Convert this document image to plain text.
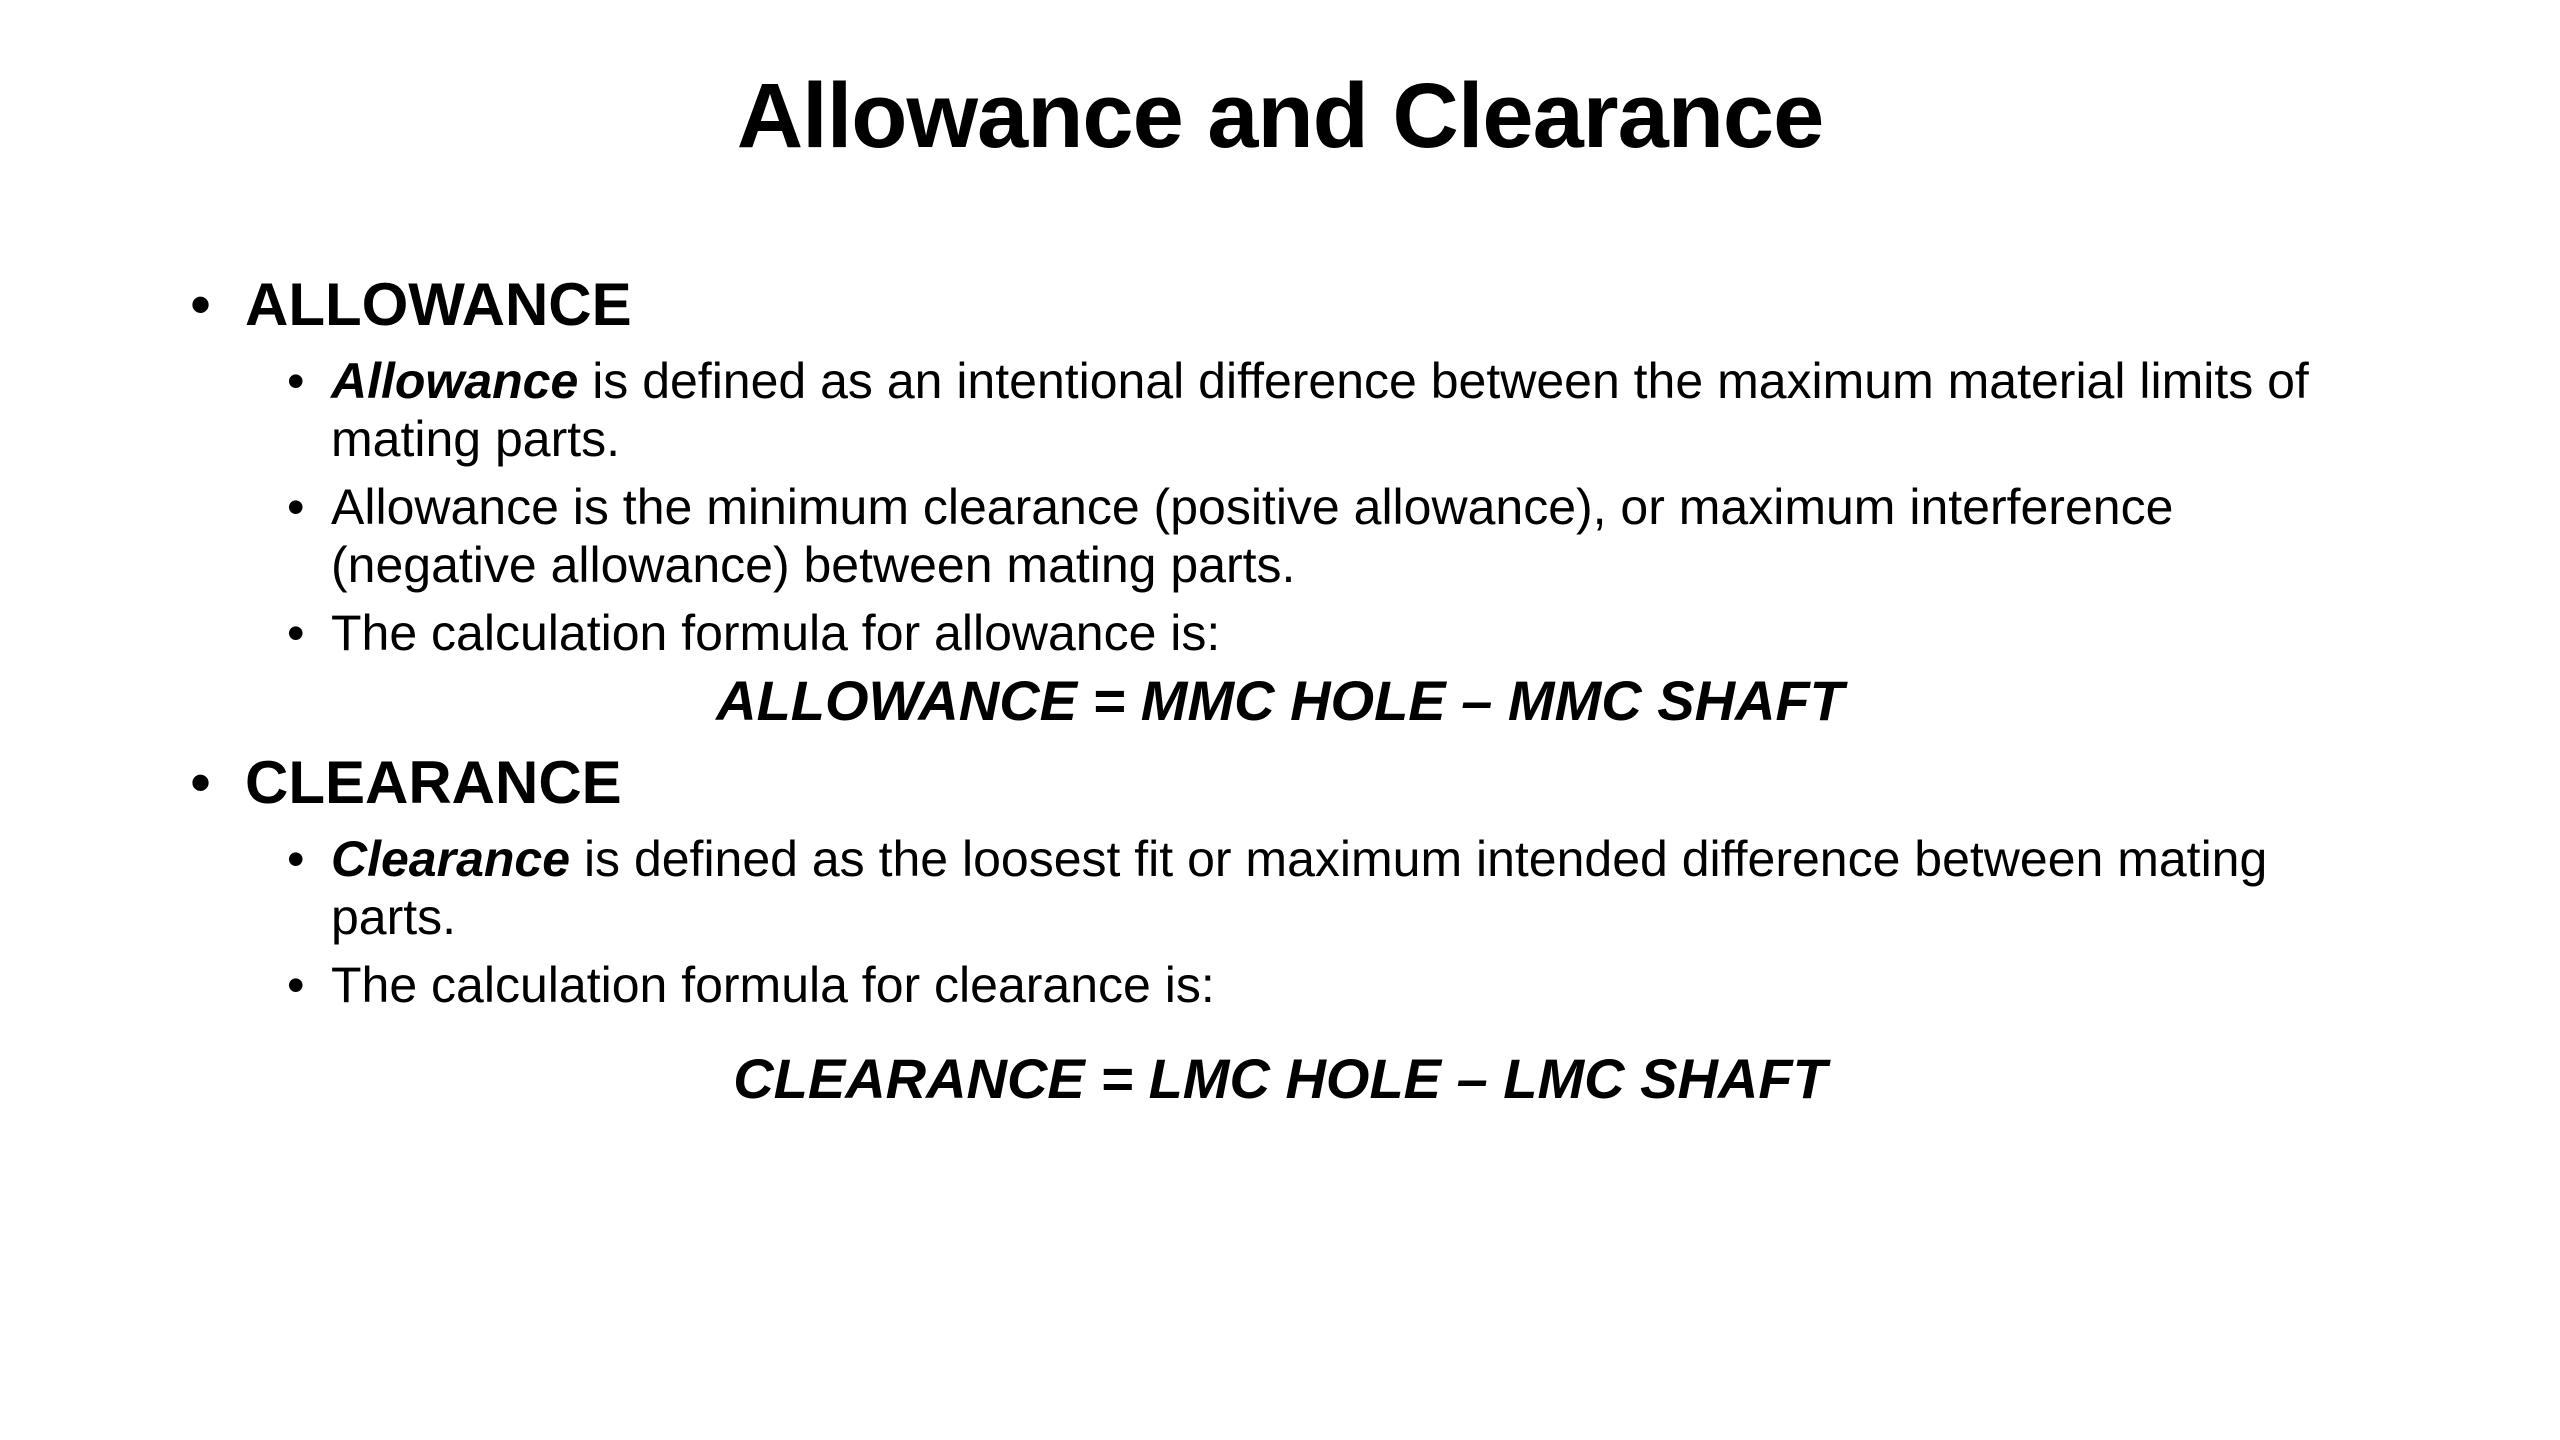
Allowance and Clearance
• ALLOWANCE
• Allowance is defined as an intentional difference between the maximum material limits of mating parts.
• Allowance is the minimum clearance (positive allowance), or maximum interference (negative allowance) between mating parts.
• The calculation formula for allowance is:
ALLOWANCE = MMC HOLE – MMC SHAFT
• CLEARANCE
• Clearance is defined as the loosest fit or maximum intended difference between mating parts.
• The calculation formula for clearance is:
CLEARANCE = LMC HOLE – LMC SHAFT
